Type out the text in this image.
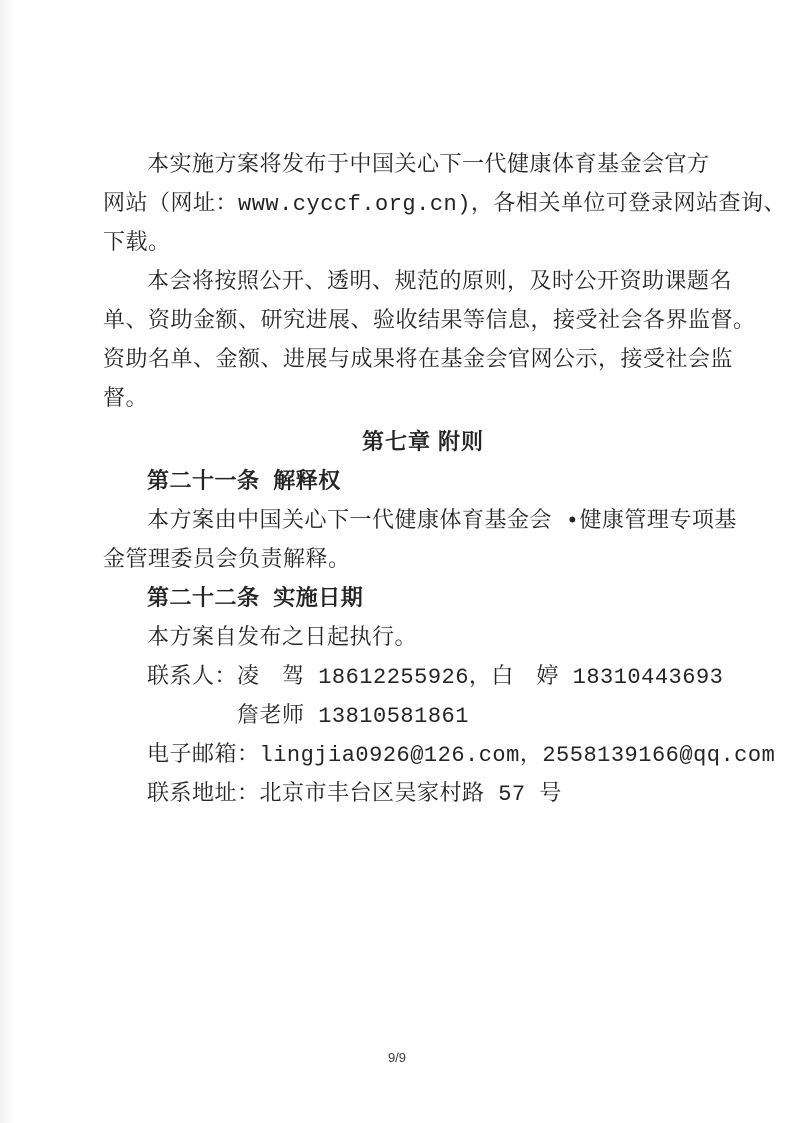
本实施方案将发布于中国关心下一代健康体育基金会官方

网站（网址：www.cyccf.org.cn)，各相关单位可登录网站查询、

下载。

本会将按照公开、透明、规范的原则，及时公开资助课题名

单、资助金额、研究进展、验收结果等信息，接受社会各界监督。

资助名单、金额、进展与成果将在基金会官网公示，接受社会监

督。

第七章 附则

第二十一条 解释权

本方案由中国关心下一代健康体育基金会 •健康管理专项基

金管理委员会负责解释。

第二十二条 实施日期

本方案自发布之日起执行。

联系人：凌　驾 18612255926，白　婷 18310443693

詹老师 13810581861

电子邮箱：lingjia0926@126.com，2558139166@qq.com

联系地址：北京市丰台区吴家村路 57 号

9/9
